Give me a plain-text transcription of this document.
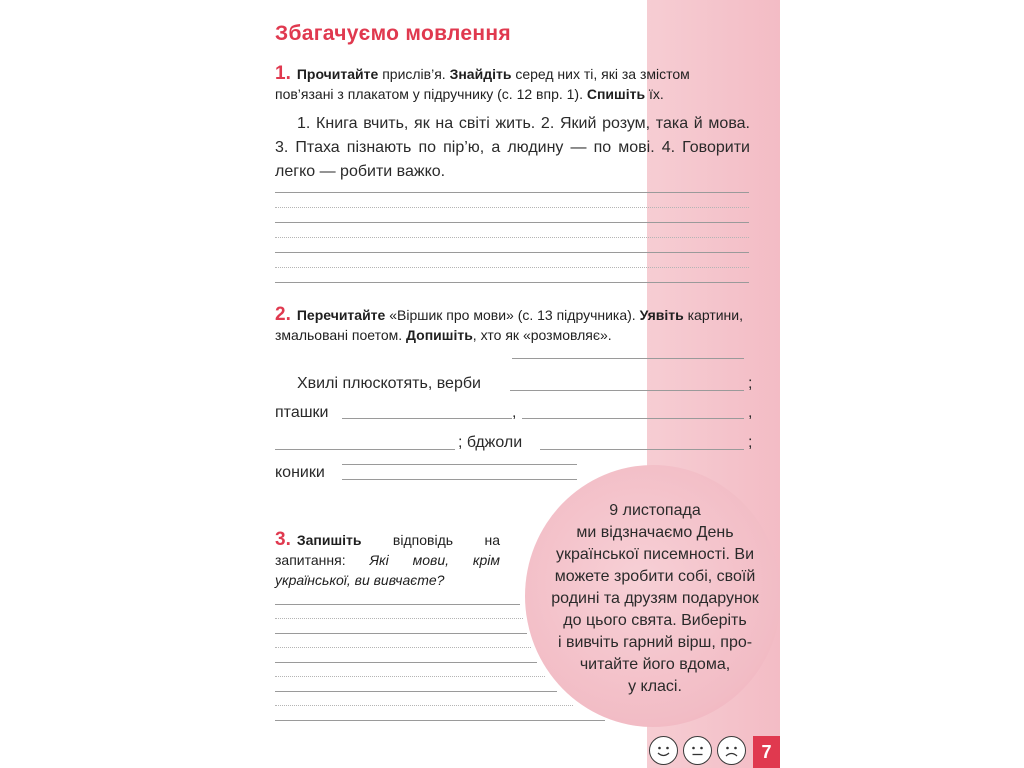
Збагачуємо мовлення
1. Прочитайте прислів’я. Знайдіть серед них ті, які за змістом пов’язані з плакатом у підручнику (с. 12 впр. 1). Спишіть їх.
1. Книга вчить, як на світі жить. 2. Який розум, така й мова. 3. Птаха пізнають по пір’ю, а людину — по мові. 4. Говорити легко — робити важко.
2. Перечитайте «Віршик про мови» (с. 13 підручника). Уявіть картини, змальовані поетом. Допишіть, хто як «розмовляє».
Хвилі плюскотять, верби	;
пташки	,	,
; бджоли	;
коники
3. Запишіть відповідь на запитання: Які мови, крім української, ви вивчаєте?
9 листопада
ми відзначаємо День
української писемності. Ви
можете зробити собі, своїй
родині та друзям подарунок
до цього свята. Виберіть
і вивчіть гарний вірш, про-
читайте його вдома,
у класі.
7
